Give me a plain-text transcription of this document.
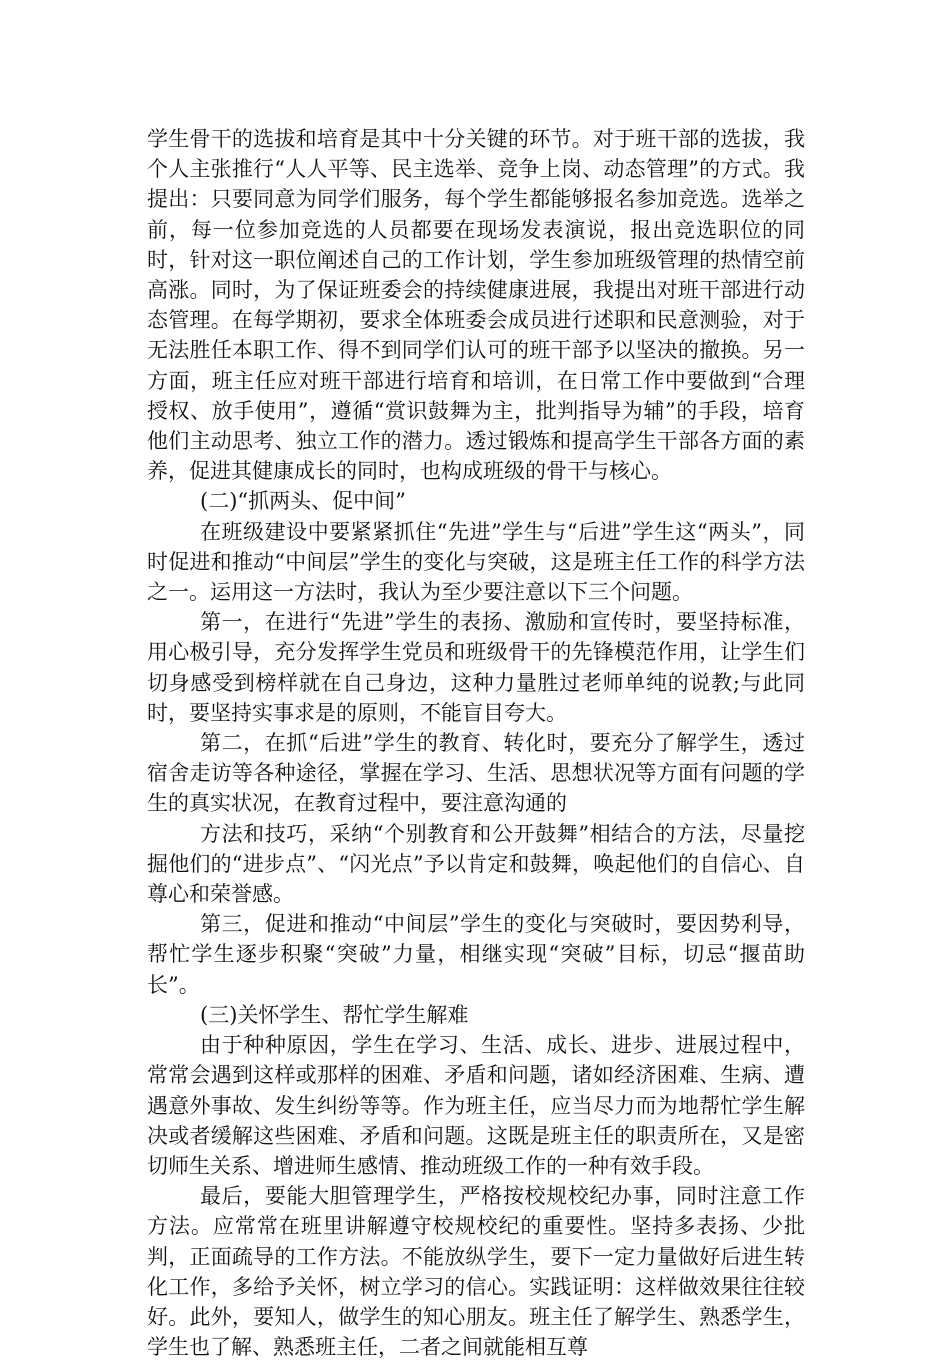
学生骨干的选拔和培育是其中十分关键的环节。对于班干部的选拔，我个人主张推行“人人平等、民主选举、竞争上岗、动态管理”的方式。我提出：只要同意为同学们服务，每个学生都能够报名参加竞选。选举之前，每一位参加竞选的人员都要在现场发表演说，报出竞选职位的同时，针对这一职位阐述自己的工作计划，学生参加班级管理的热情空前高涨。同时，为了保证班委会的持续健康进展，我提出对班干部进行动态管理。在每学期初，要求全体班委会成员进行述职和民意测验，对于无法胜任本职工作、得不到同学们认可的班干部予以坚决的撤换。另一方面，班主任应对班干部进行培育和培训，在日常工作中要做到“合理授权、放手使用”，遵循“赏识鼓舞为主，批判指导为辅”的手段，培育他们主动思考、独立工作的潜力。透过锻炼和提高学生干部各方面的素养，促进其健康成长的同时，也构成班级的骨干与核心。

(二)“抓两头、促中间”

在班级建设中要紧紧抓住“先进”学生与“后进”学生这“两头”，同时促进和推动“中间层”学生的变化与突破，这是班主任工作的科学方法之一。运用这一方法时，我认为至少要注意以下三个问题。

第一，在进行“先进”学生的表扬、激励和宣传时，要坚持标准，用心极引导，充分发挥学生党员和班级骨干的先锋模范作用，让学生们切身感受到榜样就在自己身边，这种力量胜过老师单纯的说教;与此同时，要坚持实事求是的原则，不能盲目夸大。

第二，在抓“后进”学生的教育、转化时，要充分了解学生，透过宿舍走访等各种途径，掌握在学习、生活、思想状况等方面有问题的学生的真实状况，在教育过程中，要注意沟通的

方法和技巧，采纳“个别教育和公开鼓舞”相结合的方法，尽量挖掘他们的“进步点”、“闪光点”予以肯定和鼓舞，唤起他们的自信心、自尊心和荣誉感。

第三，促进和推动“中间层”学生的变化与突破时，要因势利导，帮忙学生逐步积聚“突破”力量，相继实现“突破”目标，切忌“揠苗助长”。

(三)关怀学生、帮忙学生解难

由于种种原因，学生在学习、生活、成长、进步、进展过程中，常常会遇到这样或那样的困难、矛盾和问题，诸如经济困难、生病、遭遇意外事故、发生纠纷等等。作为班主任，应当尽力而为地帮忙学生解决或者缓解这些困难、矛盾和问题。这既是班主任的职责所在，又是密切师生关系、增进师生感情、推动班级工作的一种有效手段。

最后，要能大胆管理学生，严格按校规校纪办事，同时注意工作方法。应常常在班里讲解遵守校规校纪的重要性。坚持多表扬、少批判，正面疏导的工作方法。不能放纵学生，要下一定力量做好后进生转化工作，多给予关怀，树立学习的信心。实践证明：这样做效果往往较好。此外，要知人，做学生的知心朋友。班主任了解学生、熟悉学生，学生也了解、熟悉班主任，二者之间就能相互尊
